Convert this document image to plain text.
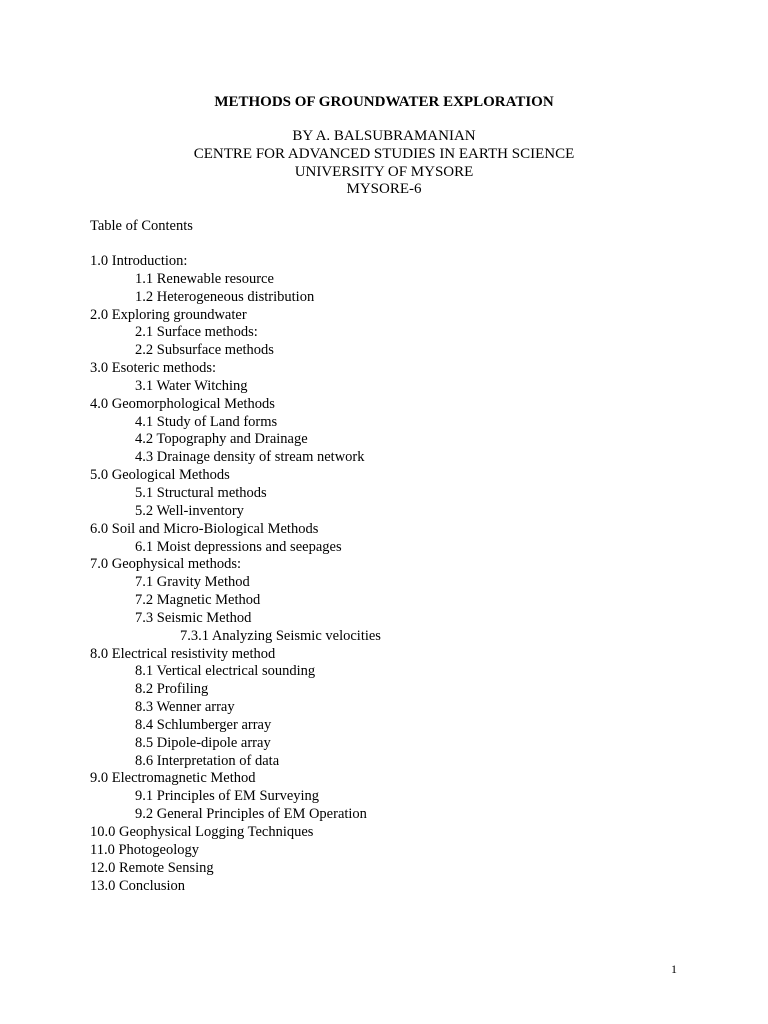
METHODS OF GROUNDWATER EXPLORATION
BY A. BALSUBRAMANIAN
CENTRE FOR ADVANCED STUDIES IN EARTH SCIENCE
UNIVERSITY OF MYSORE
MYSORE-6
Table of Contents
1.0 Introduction:
1.1 Renewable resource
1.2 Heterogeneous distribution
2.0 Exploring groundwater
2.1 Surface methods:
2.2 Subsurface methods
3.0 Esoteric methods:
3.1 Water Witching
4.0 Geomorphological Methods
4.1 Study of Land forms
4.2 Topography and Drainage
4.3 Drainage density of stream network
5.0 Geological Methods
5.1 Structural methods
5.2 Well-inventory
6.0 Soil and Micro-Biological Methods
6.1 Moist depressions and seepages
7.0 Geophysical methods:
7.1 Gravity Method
7.2 Magnetic Method
7.3 Seismic Method
7.3.1 Analyzing Seismic velocities
8.0 Electrical resistivity method
8.1 Vertical electrical sounding
8.2 Profiling
8.3 Wenner array
8.4 Schlumberger array
8.5 Dipole-dipole array
8.6 Interpretation of data
9.0 Electromagnetic Method
9.1 Principles of EM Surveying
9.2 General Principles of EM Operation
10.0 Geophysical Logging Techniques
11.0 Photogeology
12.0 Remote Sensing
13.0 Conclusion
1
